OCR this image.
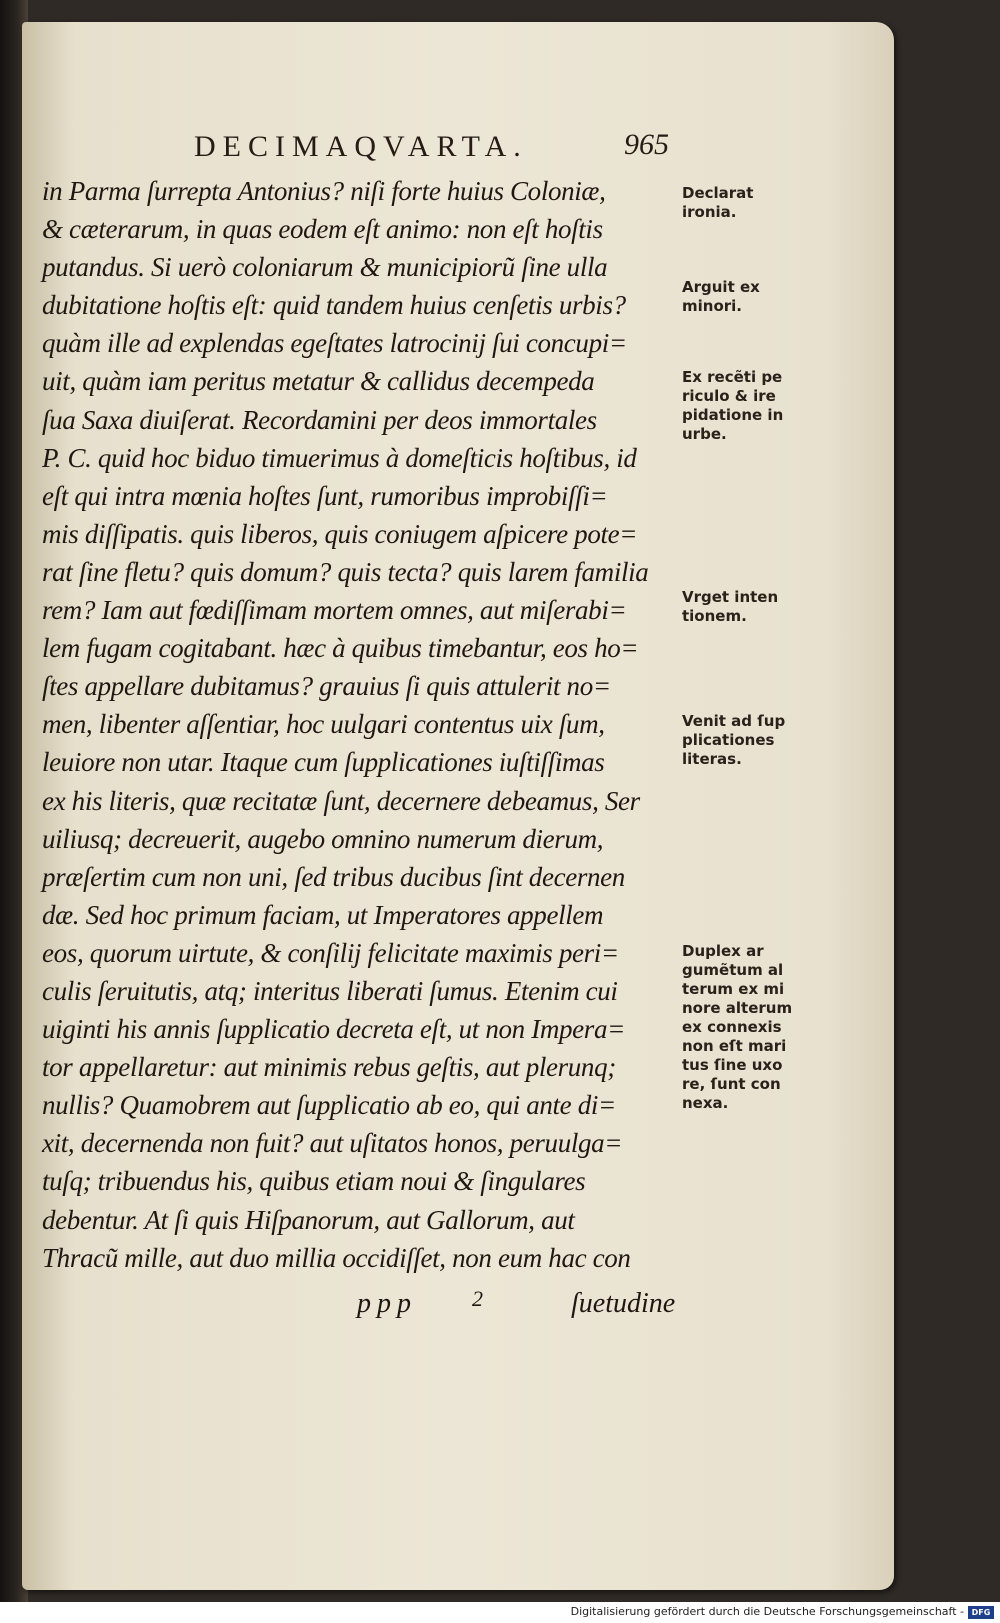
DECIMAQVARTA.	965
in Parma ſurrepta Antonius? niſi forte huius Coloniæ,
& cæterarum, in quas eodem eſt animo: non eſt hoſtis
putandus. Si uerò coloniarum & municipiorũ ſine ulla
dubitatione hoſtis eſt: quid tandem huius cenſetis urbis?
quàm ille ad explendas egeſtates latrocinij ſui concupi=
uit, quàm iam peritus metatur & callidus decempeda
ſua Saxa diuiſerat. Recordamini per deos immortales
P. C. quid hoc biduo timuerimus à domeſticis hoſtibus, id
eſt qui intra mœnia hoſtes ſunt, rumoribus improbiſſi=
mis diſſipatis. quis liberos, quis coniugem aſpicere pote=
rat ſine fletu? quis domum? quis tecta? quis larem familia
rem? Iam aut fœdiſſimam mortem omnes, aut miſerabi=
lem fugam cogitabant. hæc à quibus timebantur, eos ho=
ſtes appellare dubitamus? grauius ſi quis attulerit no=
men, libenter aſſentiar, hoc uulgari contentus uix ſum,
leuiore non utar. Itaque cum ſupplicationes iuſtiſſimas
ex his literis, quæ recitatæ ſunt, decernere debeamus, Ser
uiliusq; decreuerit, augebo omnino numerum dierum,
præſertim cum non uni, ſed tribus ducibus ſint decernen
dæ. Sed hoc primum faciam, ut Imperatores appellem
eos, quorum uirtute, & conſilij felicitate maximis peri=
culis ſeruitutis, atq; interitus liberati ſumus. Etenim cui
uiginti his annis ſupplicatio decreta eſt, ut non Impera=
tor appellaretur: aut minimis rebus geſtis, aut plerunq;
nullis? Quamobrem aut ſupplicatio ab eo, qui ante di=
xit, decernenda non fuit? aut uſitatos honos, peruulga=
tuſq; tribuendus his, quibus etiam noui & ſingulares
debentur. At ſi quis Hiſpanorum, aut Gallorum, aut
Thracũ mille, aut duo millia occidiſſet, non eum hac con
Declarat
ironia.
Arguit ex
minori.
Ex recẽti pe
riculo & ire
pidatione in
urbe.
Vrget inten
tionem.
Venit ad ſup
plicationes
literas.
Duplex ar
gumẽtum al
terum ex mi
nore alterum
ex connexis
non eſt mari
tus ſine uxo
re, ſunt con
nexa.
ppp	2	ſuetudine
Digitalisierung gefördert durch die Deutsche Forschungsgemeinschaft - DFG
